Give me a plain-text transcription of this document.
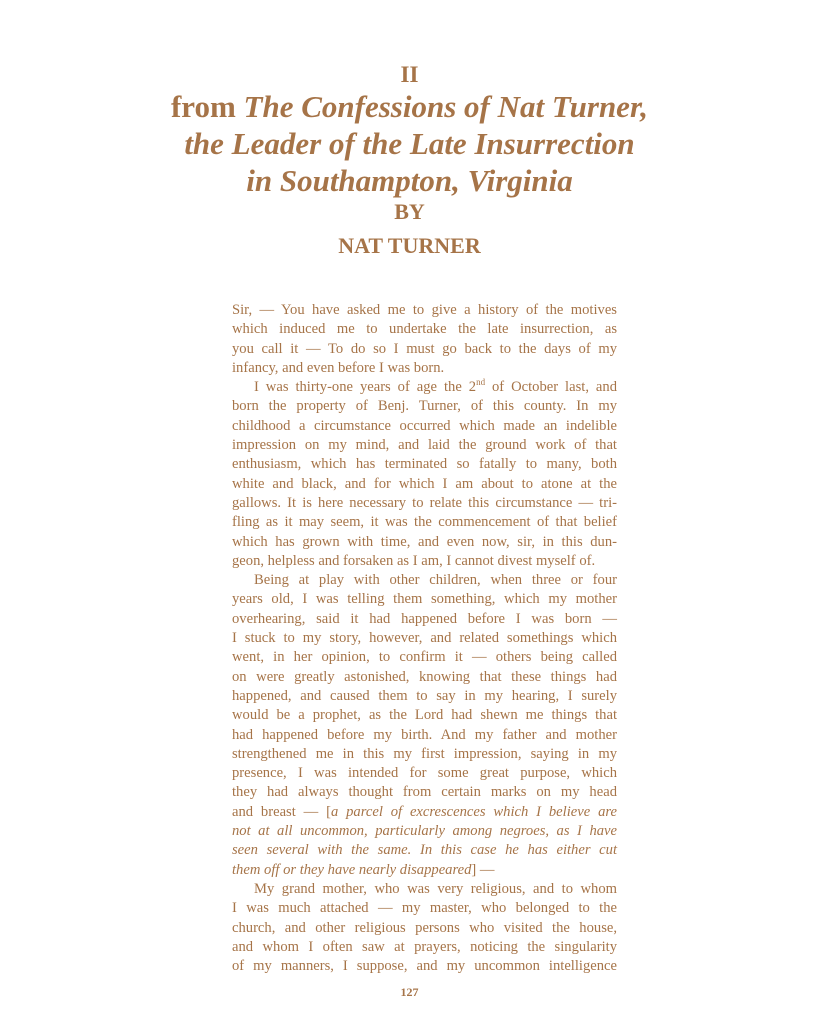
II
from The Confessions of Nat Turner,
the Leader of the Late Insurrection
in Southampton, Virginia
BY
NAT TURNER
Sir, — You have asked me to give a history of the motives
which induced me to undertake the late insurrection, as
you call it — To do so I must go back to the days of my
infancy, and even before I was born.
I was thirty-one years of age the 2nd of October last, and
born the property of Benj. Turner, of this county. In my
childhood a circumstance occurred which made an indelible
impression on my mind, and laid the ground work of that
enthusiasm, which has terminated so fatally to many, both
white and black, and for which I am about to atone at the
gallows. It is here necessary to relate this circumstance — tri-
fling as it may seem, it was the commencement of that belief
which has grown with time, and even now, sir, in this dun-
geon, helpless and forsaken as I am, I cannot divest myself of.
Being at play with other children, when three or four
years old, I was telling them something, which my mother
overhearing, said it had happened before I was born —
I stuck to my story, however, and related somethings which
went, in her opinion, to confirm it — others being called
on were greatly astonished, knowing that these things had
happened, and caused them to say in my hearing, I surely
would be a prophet, as the Lord had shewn me things that
had happened before my birth. And my father and mother
strengthened me in this my first impression, saying in my
presence, I was intended for some great purpose, which
they had always thought from certain marks on my head
and breast — [a parcel of excrescences which I believe are
not at all uncommon, particularly among negroes, as I have
seen several with the same. In this case he has either cut
them off or they have nearly disappeared] —
My grand mother, who was very religious, and to whom
I was much attached — my master, who belonged to the
church, and other religious persons who visited the house,
and whom I often saw at prayers, noticing the singularity
of my manners, I suppose, and my uncommon intelligence
127
